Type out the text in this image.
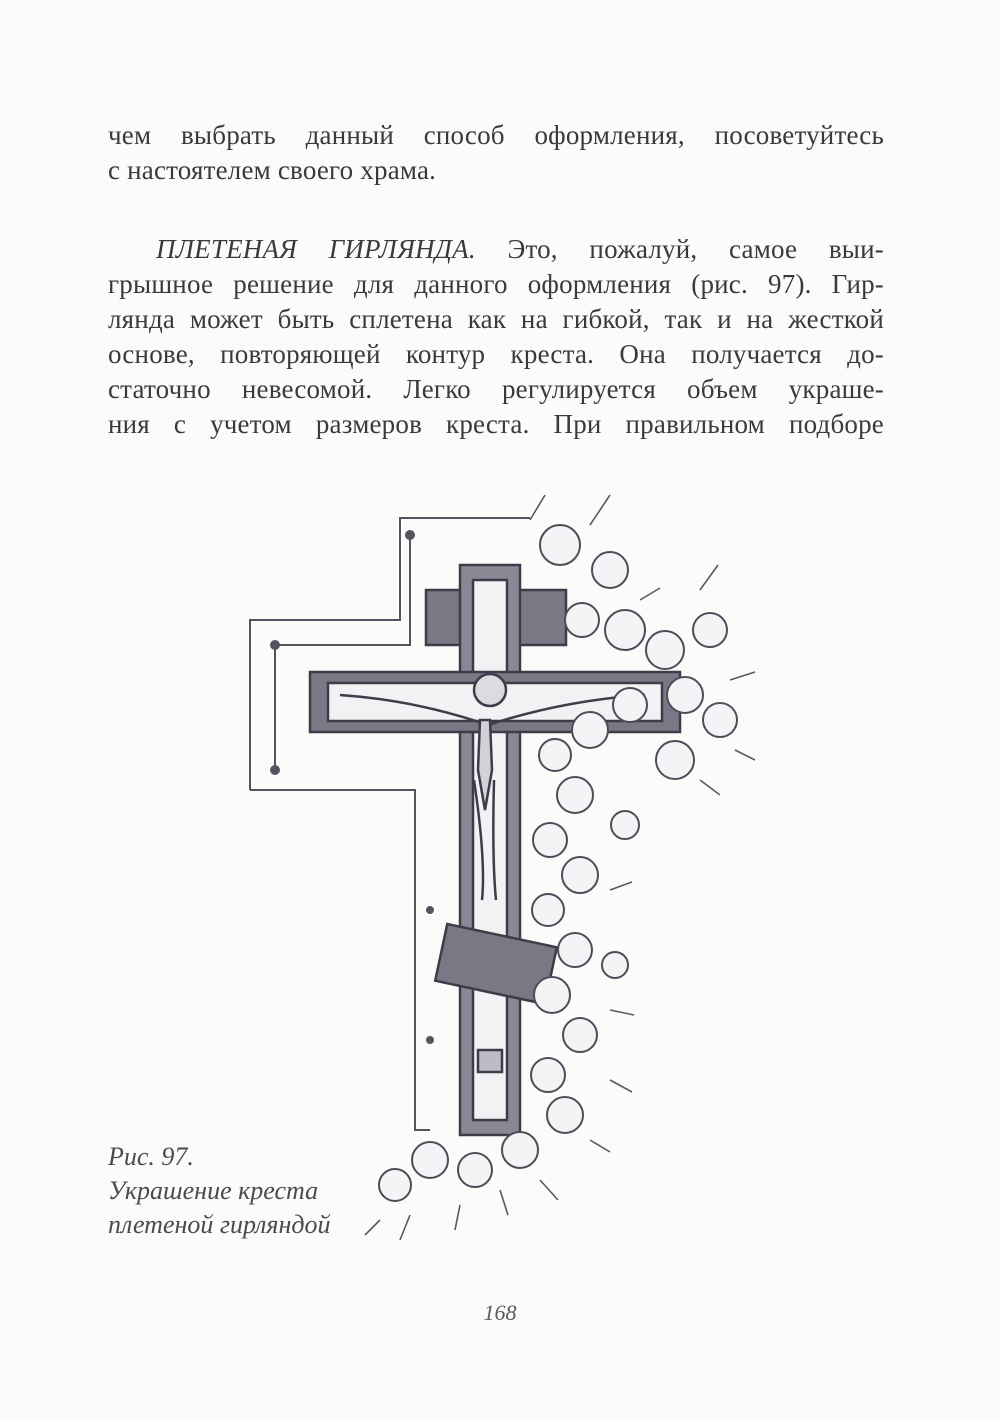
чем выбрать данный способ оформления, посоветуйтесь
с настоятелем своего храма.
ПЛЕТЕНАЯ ГИРЛЯНДА. Это, пожалуй, самое выи-
грышное решение для данного оформления (рис. 97). Гир-
лянда может быть сплетена как на гибкой, так и на жесткой
основе, повторяющей контур креста. Она получается до-
статочно невесомой. Легко регулируется объем украше-
ния с учетом размеров креста. При правильном подборе
Рис. 97.
Украшение креста
плетеной гирляндой
168
